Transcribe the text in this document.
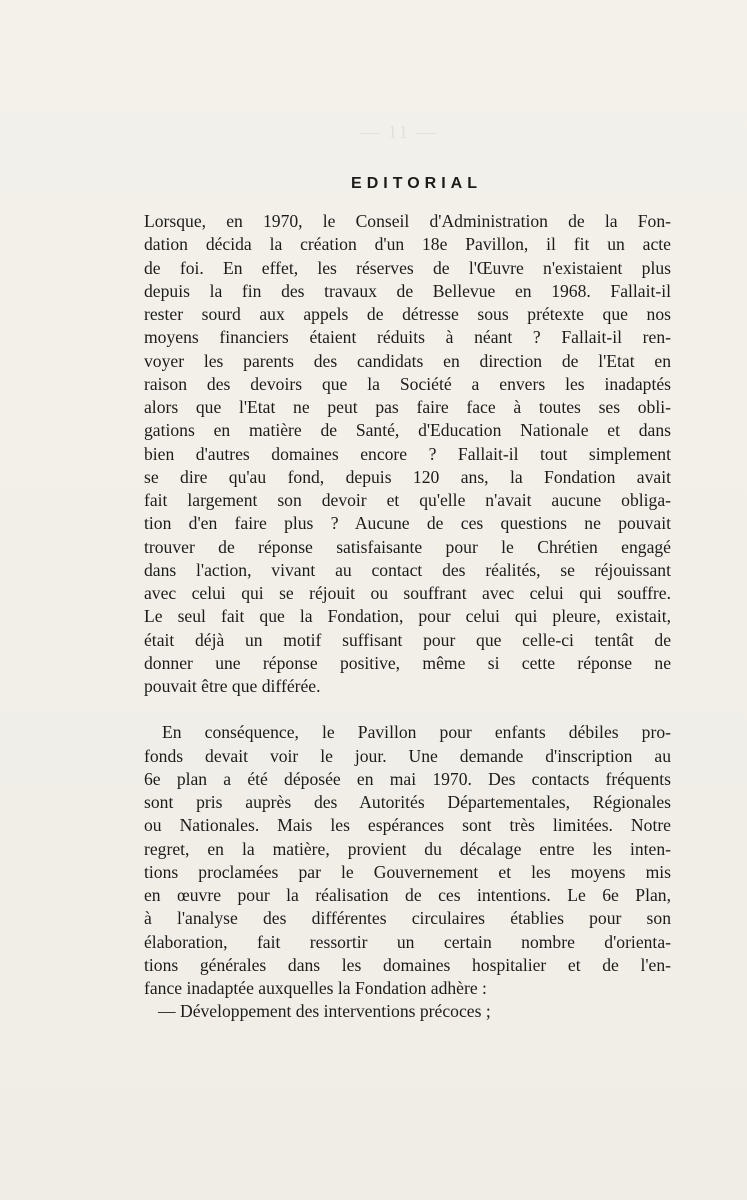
EDITORIAL
Lorsque, en 1970, le Conseil d'Administration de la Fon-
dation décida la création d'un 18e Pavillon, il fit un acte
de foi. En effet, les réserves de l'Œuvre n'existaient plus
depuis la fin des travaux de Bellevue en 1968. Fallait-il
rester sourd aux appels de détresse sous prétexte que nos
moyens financiers étaient réduits à néant ? Fallait-il ren-
voyer les parents des candidats en direction de l'Etat en
raison des devoirs que la Société a envers les inadaptés
alors que l'Etat ne peut pas faire face à toutes ses obli-
gations en matière de Santé, d'Education Nationale et dans
bien d'autres domaines encore ? Fallait-il tout simplement
se dire qu'au fond, depuis 120 ans, la Fondation avait
fait largement son devoir et qu'elle n'avait aucune obliga-
tion d'en faire plus ? Aucune de ces questions ne pouvait
trouver de réponse satisfaisante pour le Chrétien engagé
dans l'action, vivant au contact des réalités, se réjouissant
avec celui qui se réjouit ou souffrant avec celui qui souffre.
Le seul fait que la Fondation, pour celui qui pleure, existait,
était déjà un motif suffisant pour que celle-ci tentât de
donner une réponse positive, même si cette réponse ne
pouvait être que différée.
En conséquence, le Pavillon pour enfants débiles pro-
fonds devait voir le jour. Une demande d'inscription au
6e plan a été déposée en mai 1970. Des contacts fréquents
sont pris auprès des Autorités Départementales, Régionales
ou Nationales. Mais les espérances sont très limitées. Notre
regret, en la matière, provient du décalage entre les inten-
tions proclamées par le Gouvernement et les moyens mis
en œuvre pour la réalisation de ces intentions. Le 6e Plan,
à l'analyse des différentes circulaires établies pour son
élaboration, fait ressortir un certain nombre d'orienta-
tions générales dans les domaines hospitalier et de l'en-
fance inadaptée auxquelles la Fondation adhère :
— Développement des interventions précoces ;
